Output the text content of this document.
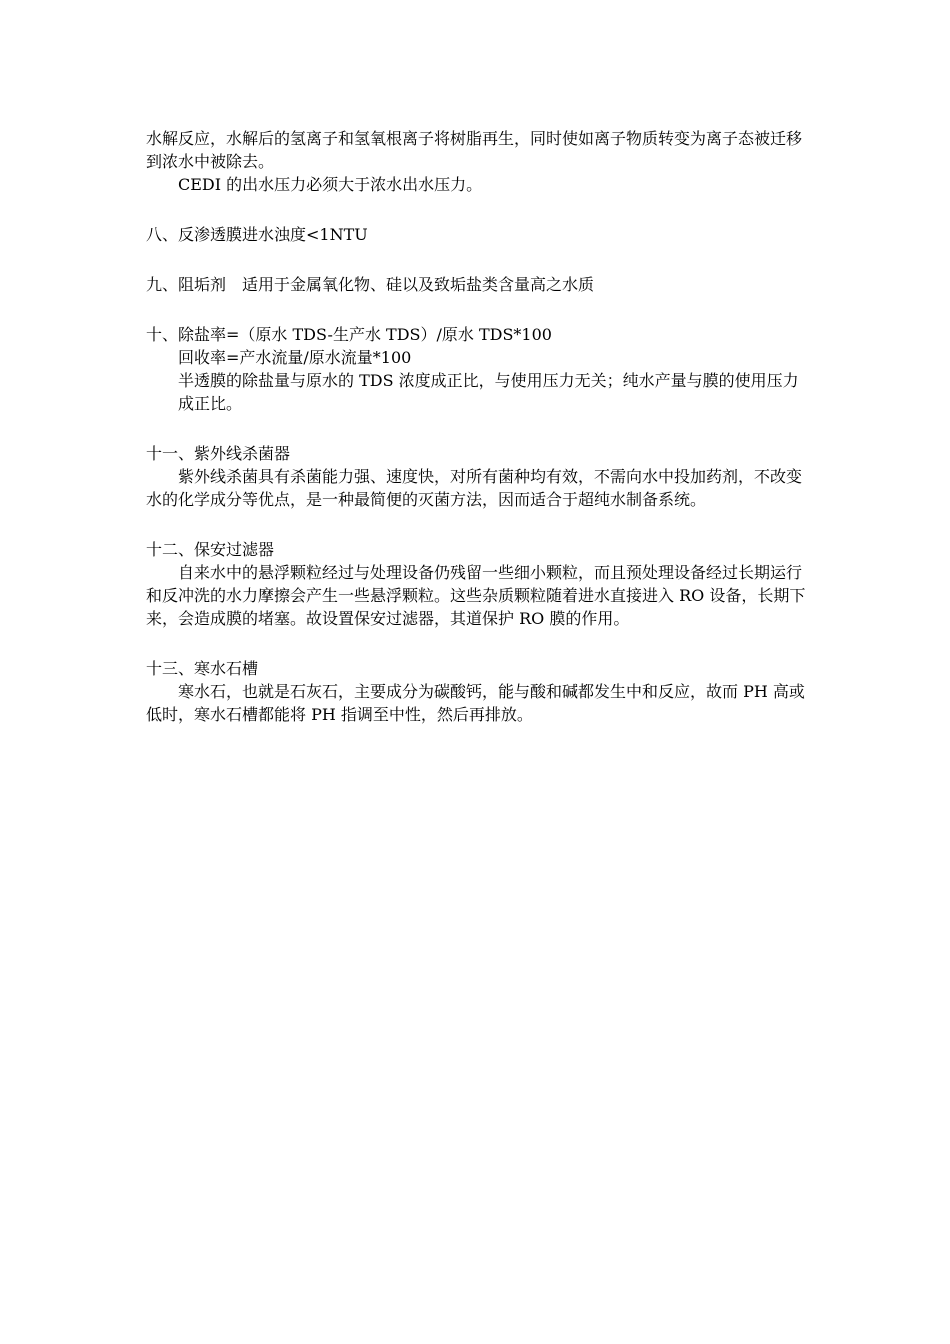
水解反应，水解后的氢离子和氢氧根离子将树脂再生，同时使如离子物质转变为离子态被迁移到浓水中被除去。

CEDI 的出水压力必须大于浓水出水压力。

八、反渗透膜进水浊度<1NTU

九、阻垢剂　适用于金属氧化物、硅以及致垢盐类含量高之水质

十、除盐率=（原水 TDS-生产水 TDS）/原水 TDS*100

回收率=产水流量/原水流量*100

半透膜的除盐量与原水的 TDS 浓度成正比，与使用压力无关；纯水产量与膜的使用压力成正比。

十一、紫外线杀菌器

紫外线杀菌具有杀菌能力强、速度快，对所有菌种均有效，不需向水中投加药剂，不改变水的化学成分等优点，是一种最简便的灭菌方法，因而适合于超纯水制备系统。

十二、保安过滤器

自来水中的悬浮颗粒经过与处理设备仍残留一些细小颗粒，而且预处理设备经过长期运行和反冲洗的水力摩擦会产生一些悬浮颗粒。这些杂质颗粒随着进水直接进入 RO 设备，长期下来，会造成膜的堵塞。故设置保安过滤器，其道保护 RO 膜的作用。

十三、寒水石槽

寒水石，也就是石灰石，主要成分为碳酸钙，能与酸和碱都发生中和反应，故而 PH 高或低时，寒水石槽都能将 PH 指调至中性，然后再排放。
